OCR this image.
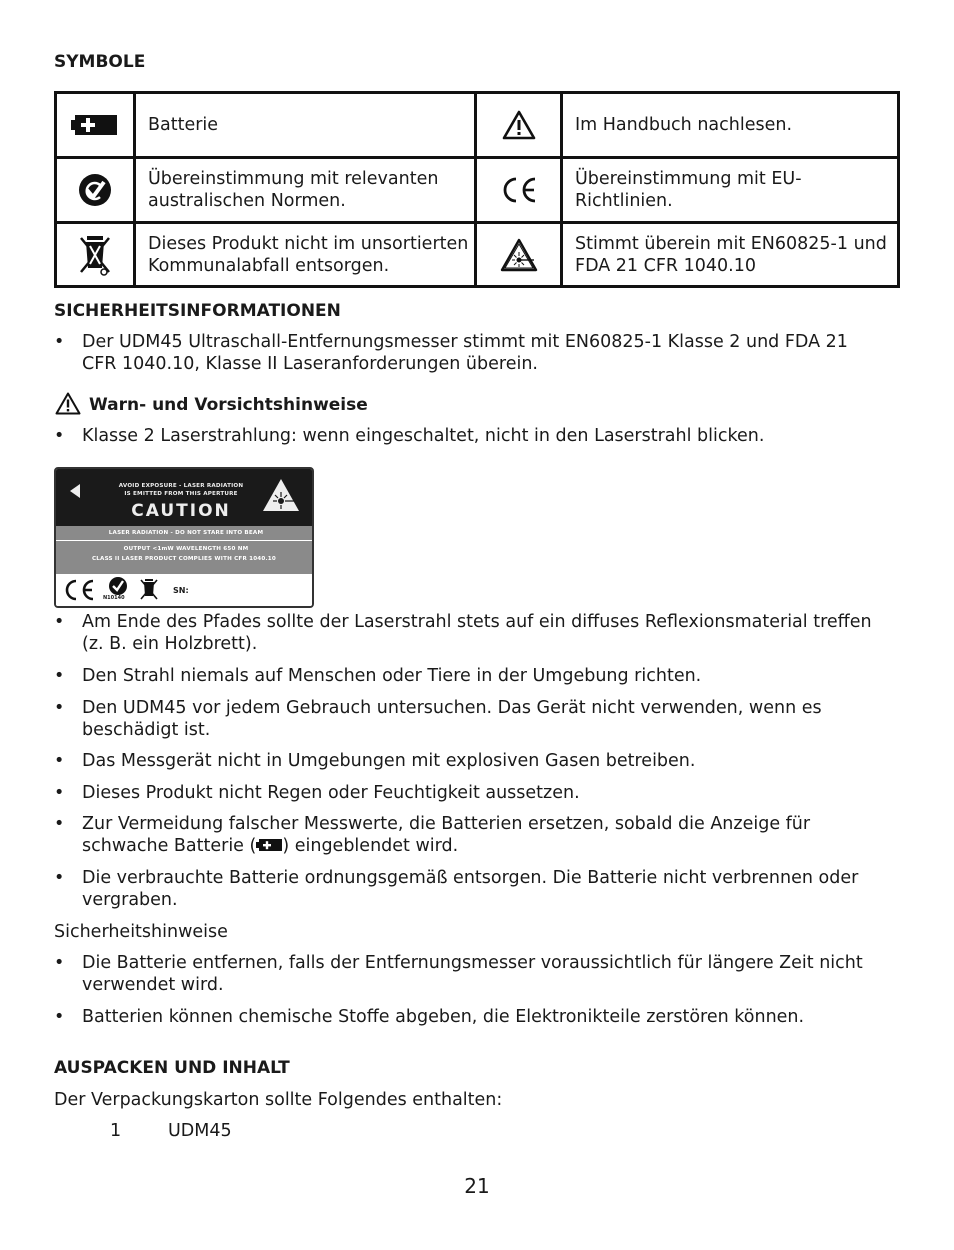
SYMBOLE
	Batterie		Im Handbuch nachlesen.

	Übereinstimmung mit relevanten australischen Normen.		Übereinstimmung mit EU-Richtlinien.

	Dieses Produkt nicht im unsortierten Kommunalabfall entsorgen.		Stimmt überein mit EN60825-1 und FDA 21 CFR 1040.10
SICHERHEITSINFORMATIONEN
• Der UDM45 Ultraschall-Entfernungsmesser stimmt mit EN60825-1 Klasse 2 und FDA 21 CFR 1040.10, Klasse II Laseranforderungen überein.
Warn- und Vorsichtshinweise
• Klasse 2 Laserstrahlung: wenn eingeschaltet, nicht in den Laserstrahl blicken.
AVOID EXPOSURE - LASER RADIATION
IS EMITTED FROM THIS APERTURE
CAUTION
LASER RADIATION - DO NOT STARE INTO BEAM
OUTPUT <1mW WAVELENGTH 650 NM
CLASS II LASER PRODUCT COMPLIES WITH CFR 1040.10
N10140
SN:
• Am Ende des Pfades sollte der Laserstrahl stets auf ein diffuses Reflexionsmaterial treffen (z. B. ein Holzbrett).
• Den Strahl niemals auf Menschen oder Tiere in der Umgebung richten.
• Den UDM45 vor jedem Gebrauch untersuchen. Das Gerät nicht verwenden, wenn es beschädigt ist.
• Das Messgerät nicht in Umgebungen mit explosiven Gasen betreiben.
• Dieses Produkt nicht Regen oder Feuchtigkeit aussetzen.
• Zur Vermeidung falscher Messwerte, die Batterien ersetzen, sobald die Anzeige für schwache Batterie ( ) eingeblendet wird.
• Die verbrauchte Batterie ordnungsgemäß entsorgen. Die Batterie nicht verbrennen oder vergraben.
Sicherheitshinweise
• Die Batterie entfernen, falls der Entfernungsmesser voraussichtlich für längere Zeit nicht verwendet wird.
• Batterien können chemische Stoffe abgeben, die Elektronikteile zerstören können.
AUSPACKEN UND INHALT
Der Verpackungskarton sollte Folgendes enthalten:
1	UDM45
21
